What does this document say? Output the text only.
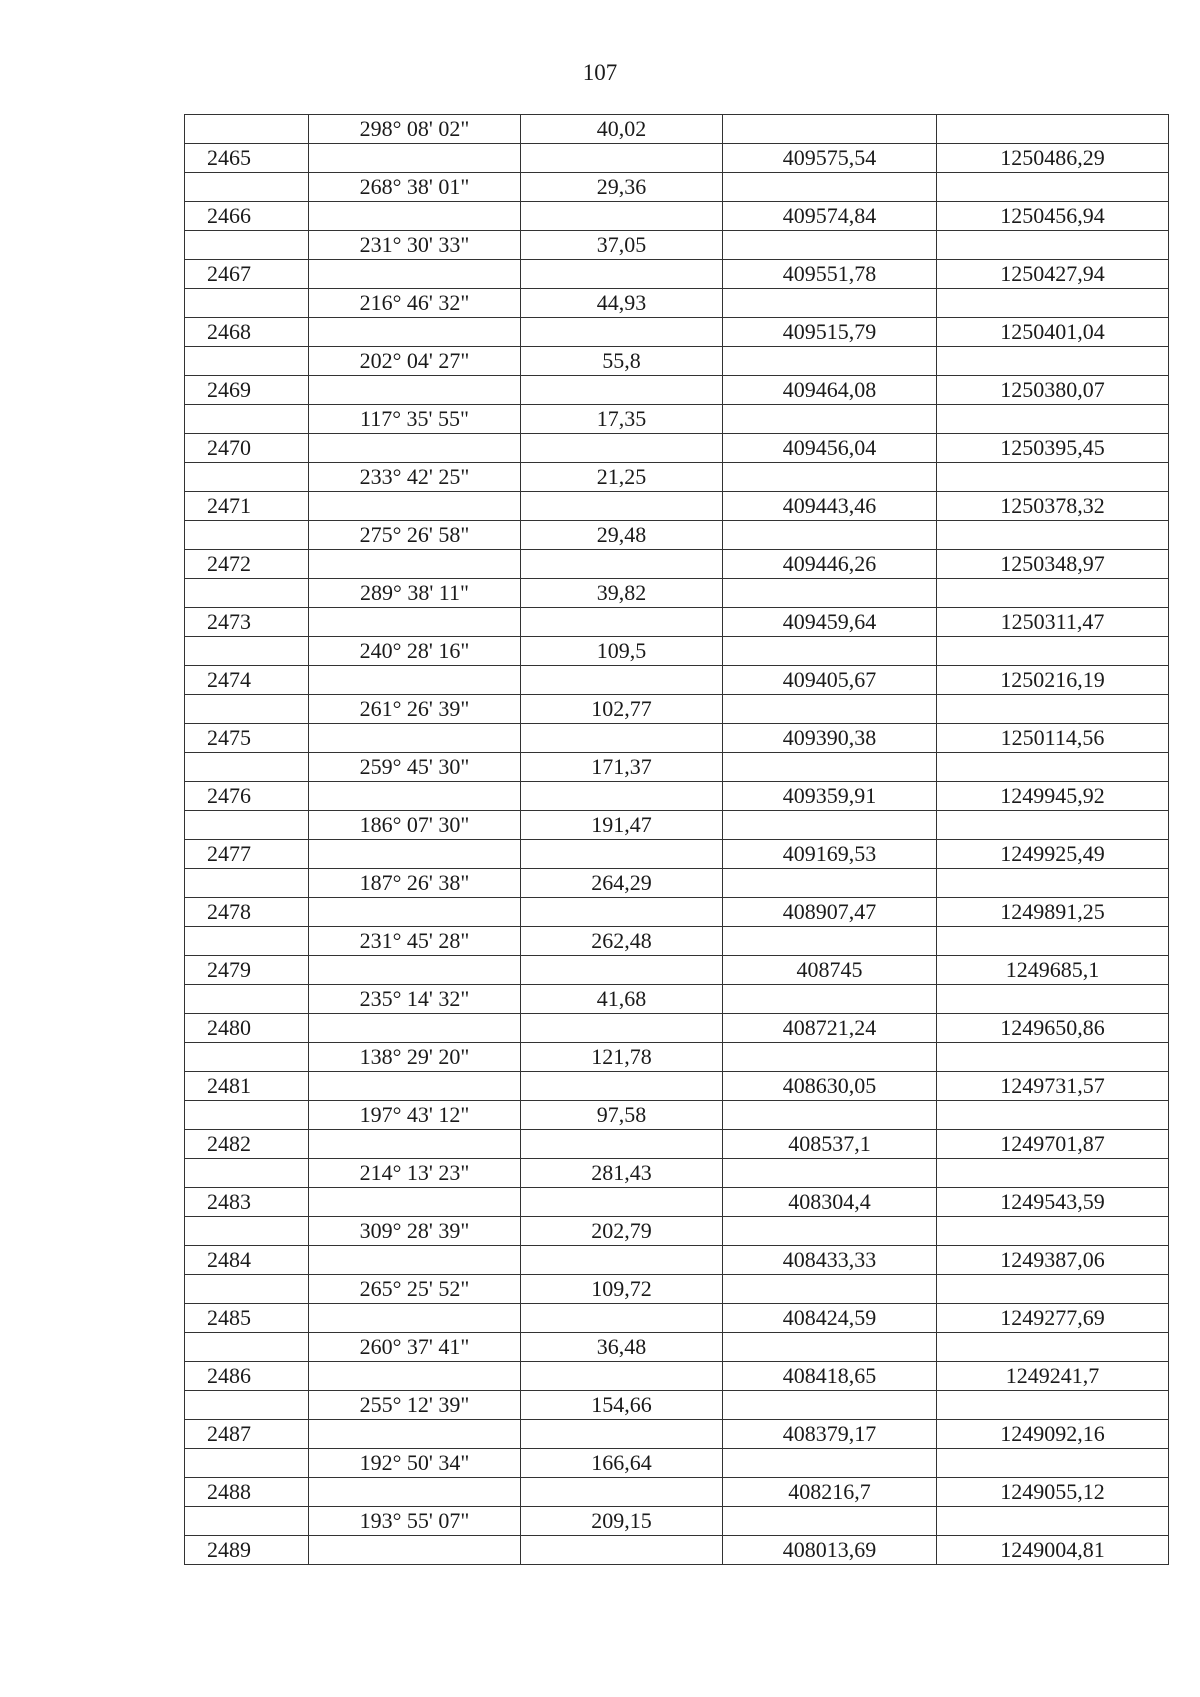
107
	298° 08' 02"	40,02		
2465			409575,54	1250486,29
	268° 38' 01"	29,36		
2466			409574,84	1250456,94
	231° 30' 33"	37,05		
2467			409551,78	1250427,94
	216° 46' 32"	44,93		
2468			409515,79	1250401,04
	202° 04' 27"	55,8		
2469			409464,08	1250380,07
	117° 35' 55"	17,35		
2470			409456,04	1250395,45
	233° 42' 25"	21,25		
2471			409443,46	1250378,32
	275° 26' 58"	29,48		
2472			409446,26	1250348,97
	289° 38' 11"	39,82		
2473			409459,64	1250311,47
	240° 28' 16"	109,5		
2474			409405,67	1250216,19
	261° 26' 39"	102,77		
2475			409390,38	1250114,56
	259° 45' 30"	171,37		
2476			409359,91	1249945,92
	186° 07' 30"	191,47		
2477			409169,53	1249925,49
	187° 26' 38"	264,29		
2478			408907,47	1249891,25
	231° 45' 28"	262,48		
2479			408745	1249685,1
	235° 14' 32"	41,68		
2480			408721,24	1249650,86
	138° 29' 20"	121,78		
2481			408630,05	1249731,57
	197° 43' 12"	97,58		
2482			408537,1	1249701,87
	214° 13' 23"	281,43		
2483			408304,4	1249543,59
	309° 28' 39"	202,79		
2484			408433,33	1249387,06
	265° 25' 52"	109,72		
2485			408424,59	1249277,69
	260° 37' 41"	36,48		
2486			408418,65	1249241,7
	255° 12' 39"	154,66		
2487			408379,17	1249092,16
	192° 50' 34"	166,64		
2488			408216,7	1249055,12
	193° 55' 07"	209,15		
2489			408013,69	1249004,81
